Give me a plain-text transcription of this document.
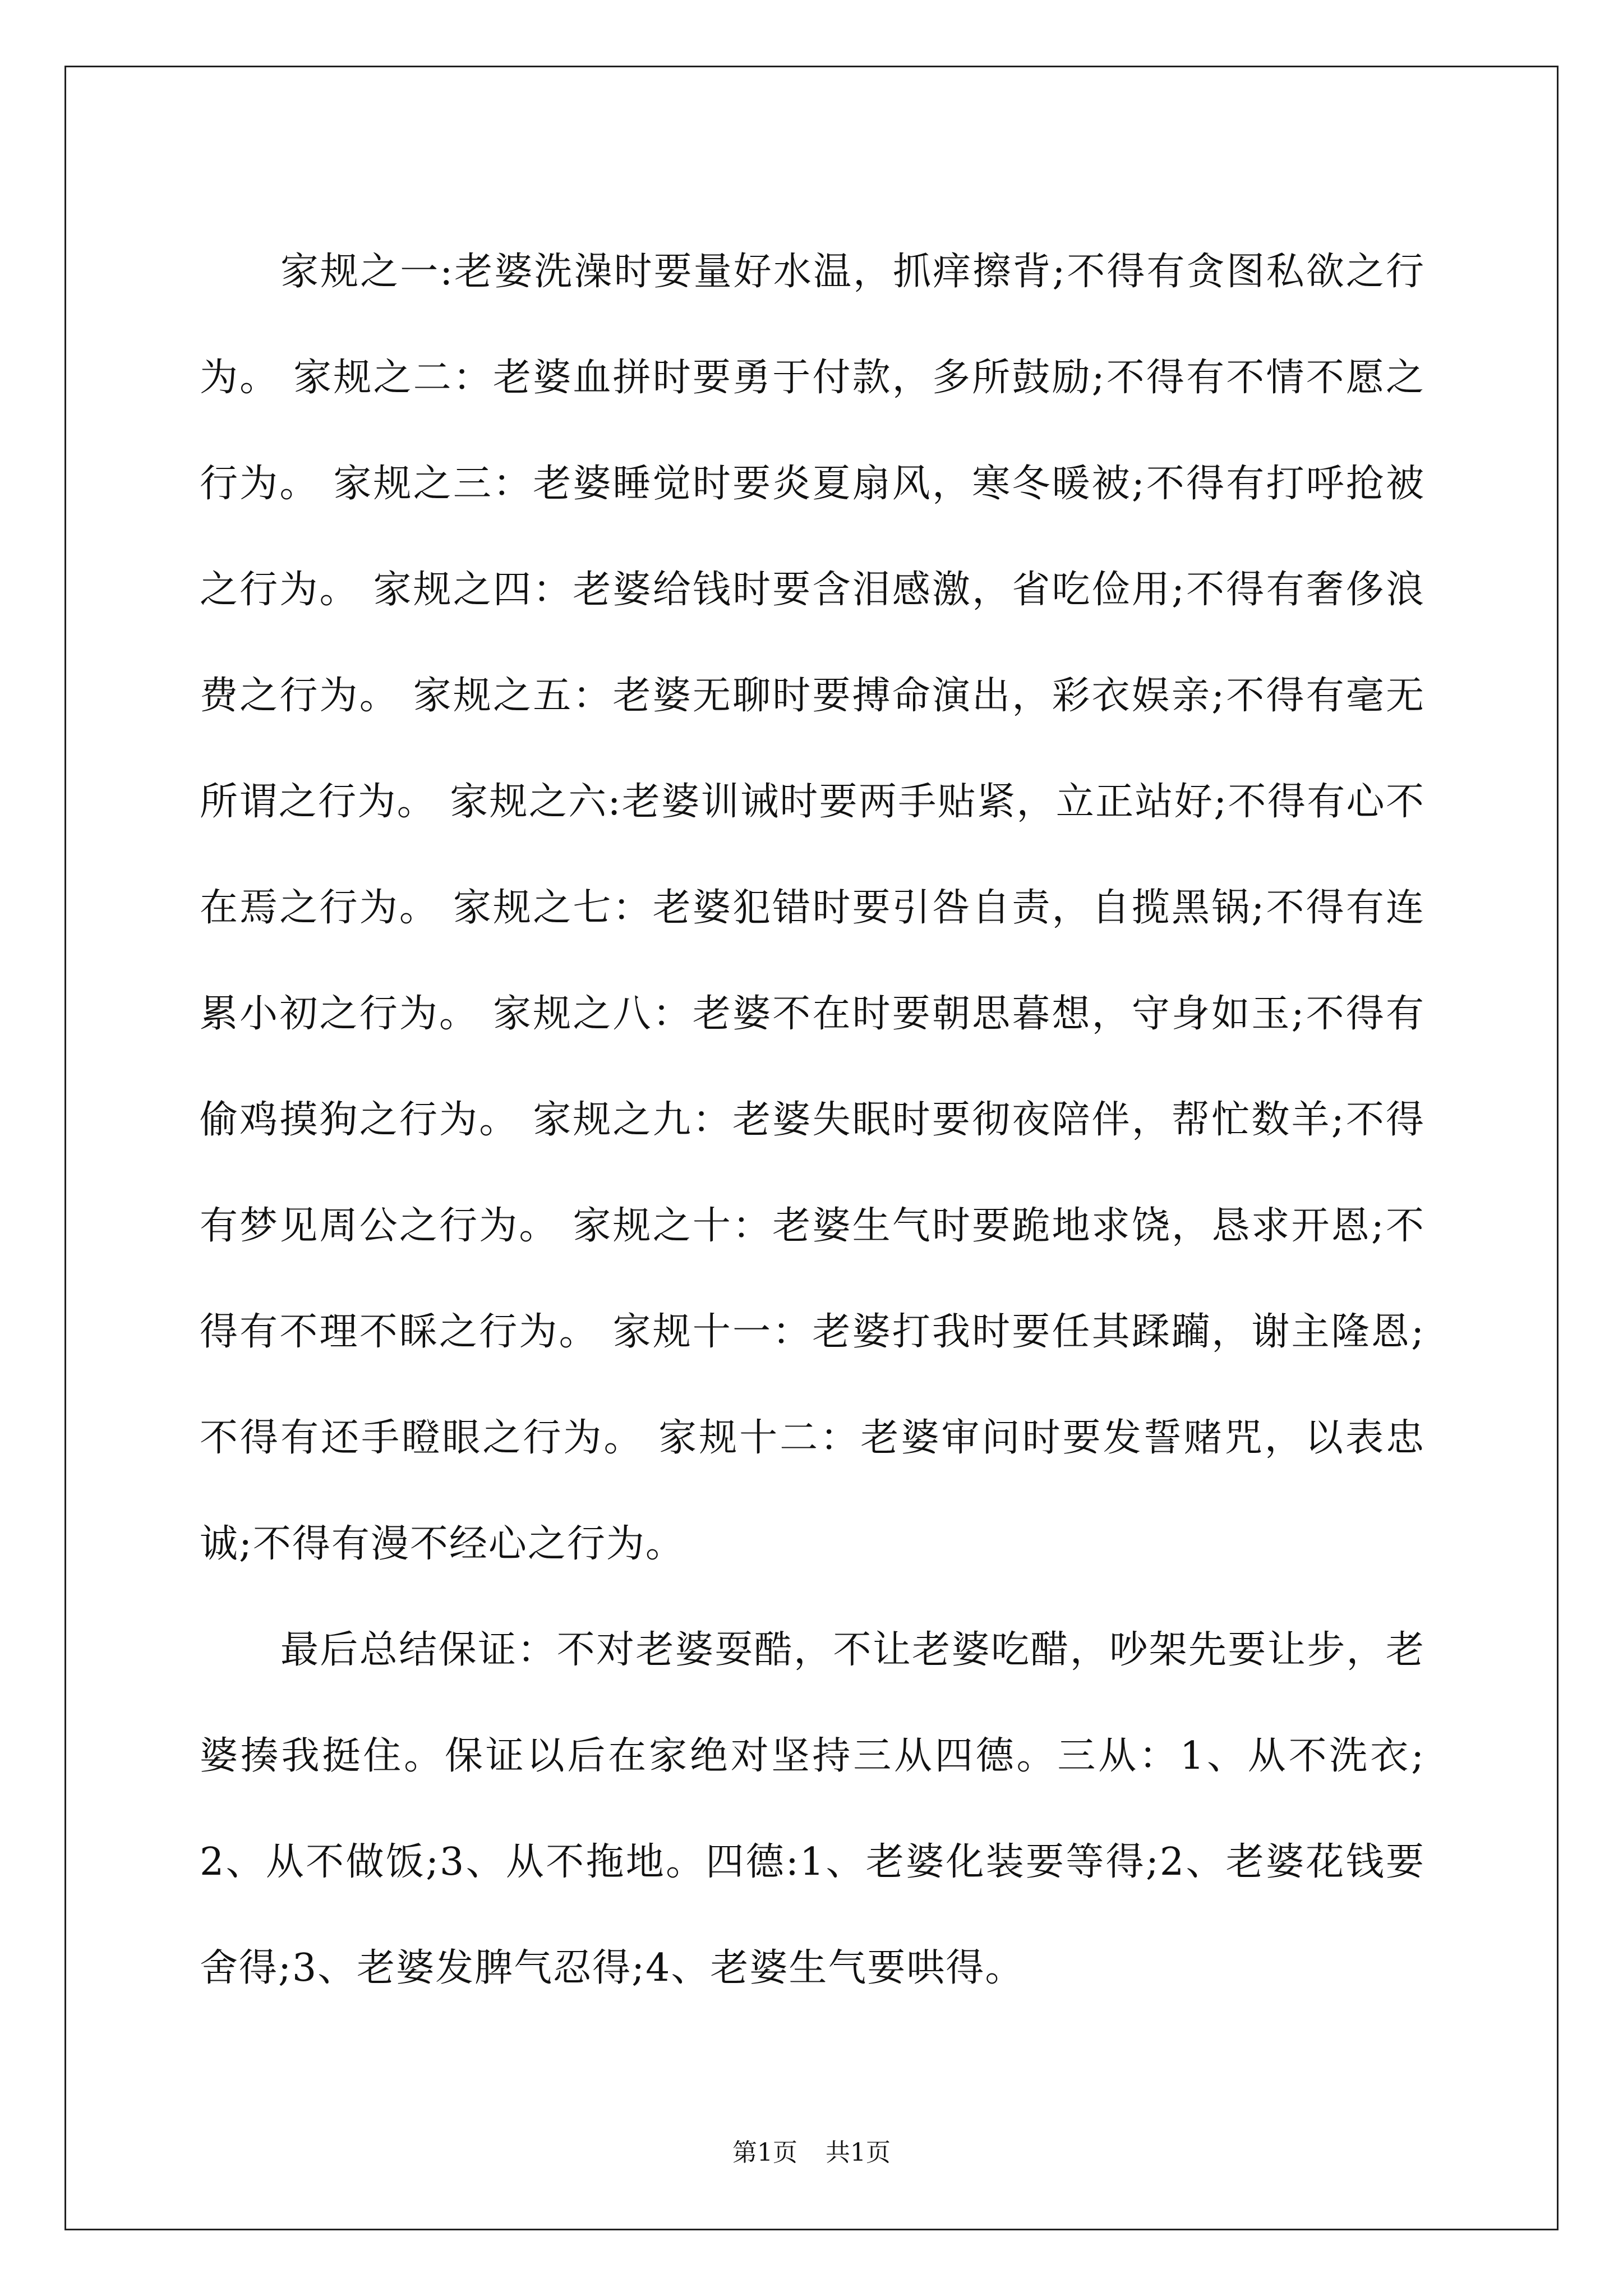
家规之一:老婆洗澡时要量好水温，抓痒擦背;不得有贪图私欲之行为。 家规之二：老婆血拼时要勇于付款，多所鼓励;不得有不情不愿之行为。 家规之三：老婆睡觉时要炎夏扇风，寒冬暖被;不得有打呼抢被之行为。 家规之四：老婆给钱时要含泪感激，省吃俭用;不得有奢侈浪费之行为。 家规之五：老婆无聊时要搏命演出，彩衣娱亲;不得有毫无所谓之行为。 家规之六:老婆训诫时要两手贴紧，立正站好;不得有心不在焉之行为。 家规之七：老婆犯错时要引咎自责，自揽黑锅;不得有连累小初之行为。 家规之八：老婆不在时要朝思暮想，守身如玉;不得有偷鸡摸狗之行为。 家规之九：老婆失眠时要彻夜陪伴，帮忙数羊;不得有梦见周公之行为。 家规之十：老婆生气时要跪地求饶，恳求开恩;不得有不理不睬之行为。 家规十一：老婆打我时要任其蹂躏，谢主隆恩;不得有还手瞪眼之行为。 家规十二：老婆审问时要发誓赌咒，以表忠诚;不得有漫不经心之行为。

最后总结保证：不对老婆耍酷，不让老婆吃醋，吵架先要让步，老婆揍我挺住。保证以后在家绝对坚持三从四德。三从：1、从不洗衣;2、从不做饭;3、从不拖地。四德:1、老婆化装要等得;2、老婆花钱要舍得;3、老婆发脾气忍得;4、老婆生气要哄得。

第1页 共1页
